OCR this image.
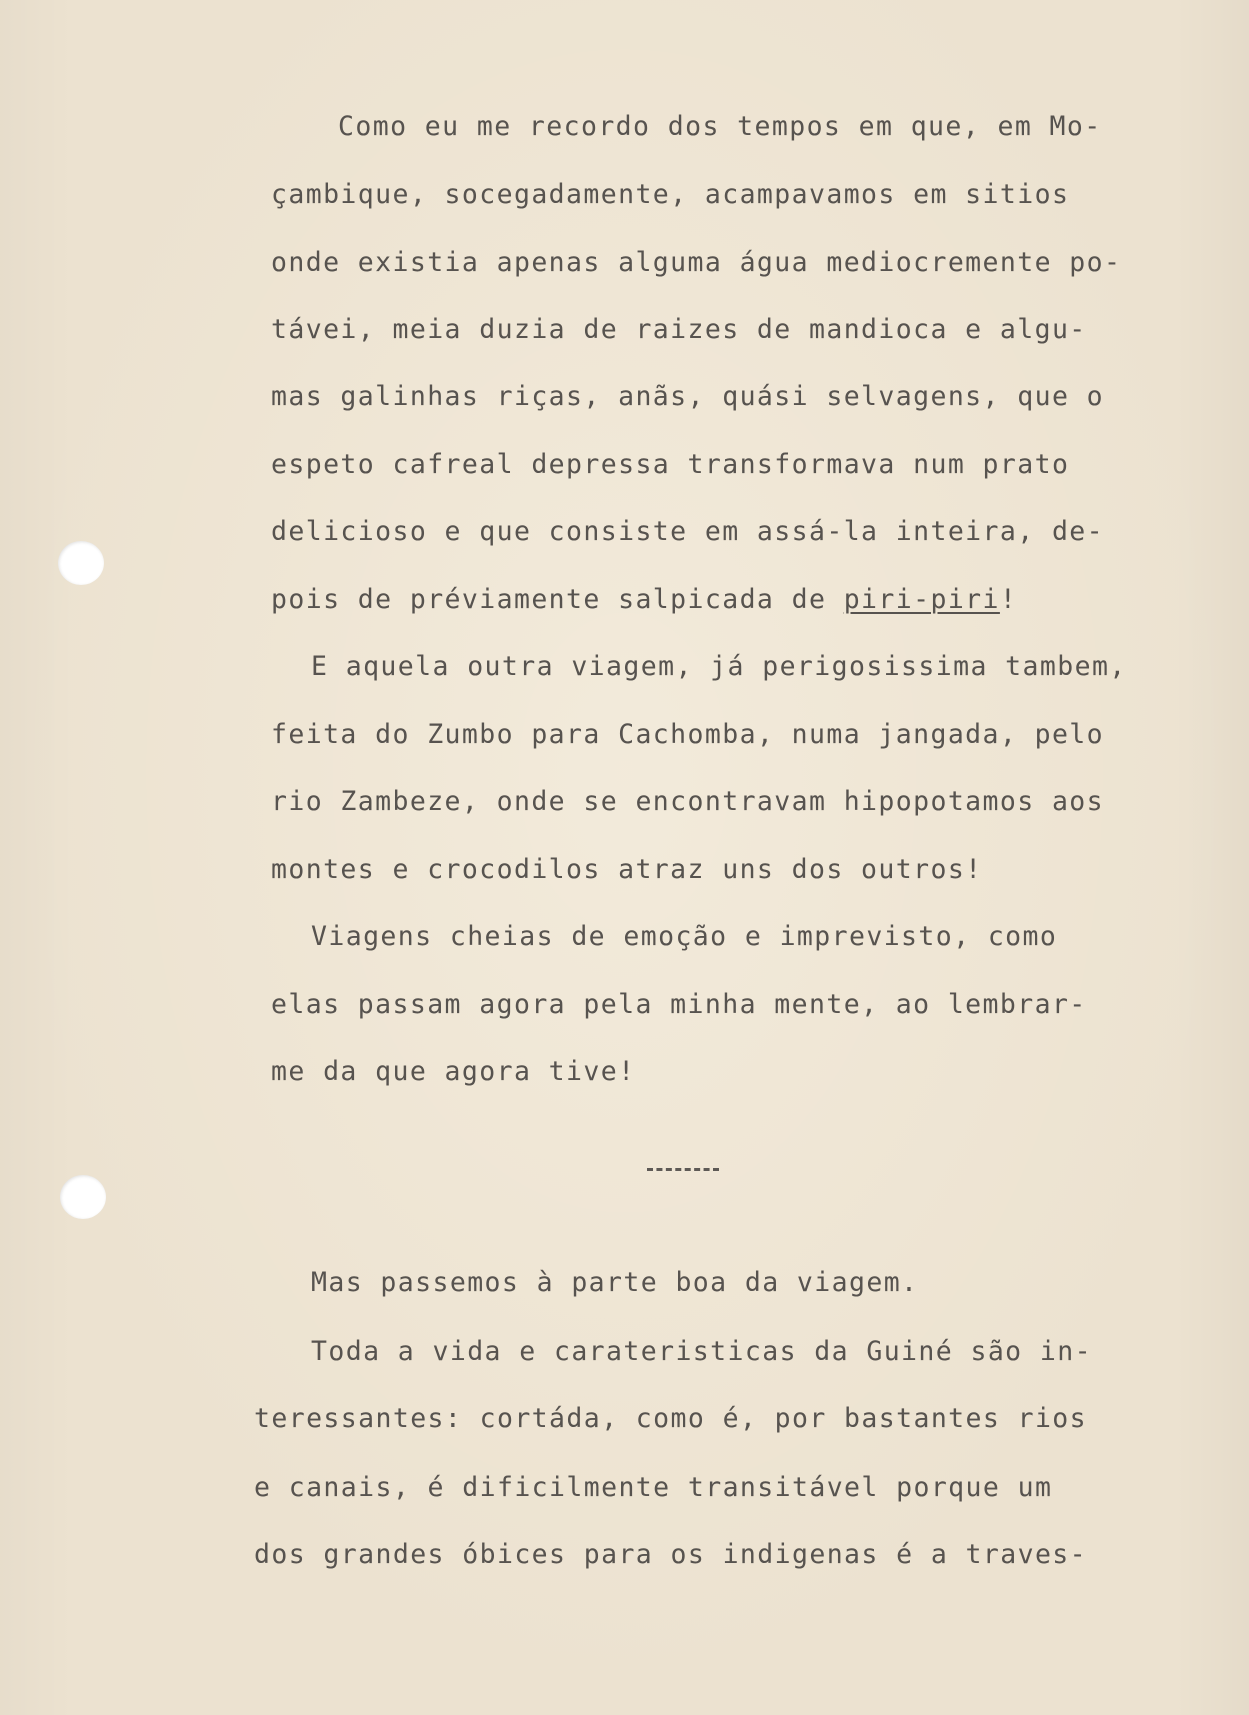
Como eu me recordo dos tempos em que, em Mo-
çambique, socegadamente, acampavamos em sitios
onde existia apenas alguma água mediocremente po-
távei, meia duzia de raizes de mandioca e algu-
mas galinhas riças, anãs, quási selvagens, que o
espeto cafreal depressa transformava num prato
delicioso e que consiste em assá-la inteira, de-
pois de préviamente salpicada de piri-piri!
E aquela outra viagem, já perigosissima tambem,
feita do Zumbo para Cachomba, numa jangada, pelo
rio Zambeze, onde se encontravam hipopotamos aos
montes e crocodilos atraz uns dos outros!
Viagens cheias de emoção e imprevisto, como
elas passam agora pela minha mente, ao lembrar-
me da que agora tive!
Mas passemos à parte boa da viagem.
Toda a vida e carateristicas da Guiné são in-
teressantes: cortáda, como é, por bastantes rios
e canais, é dificilmente transitável porque um
dos grandes óbices para os indigenas é a traves-
